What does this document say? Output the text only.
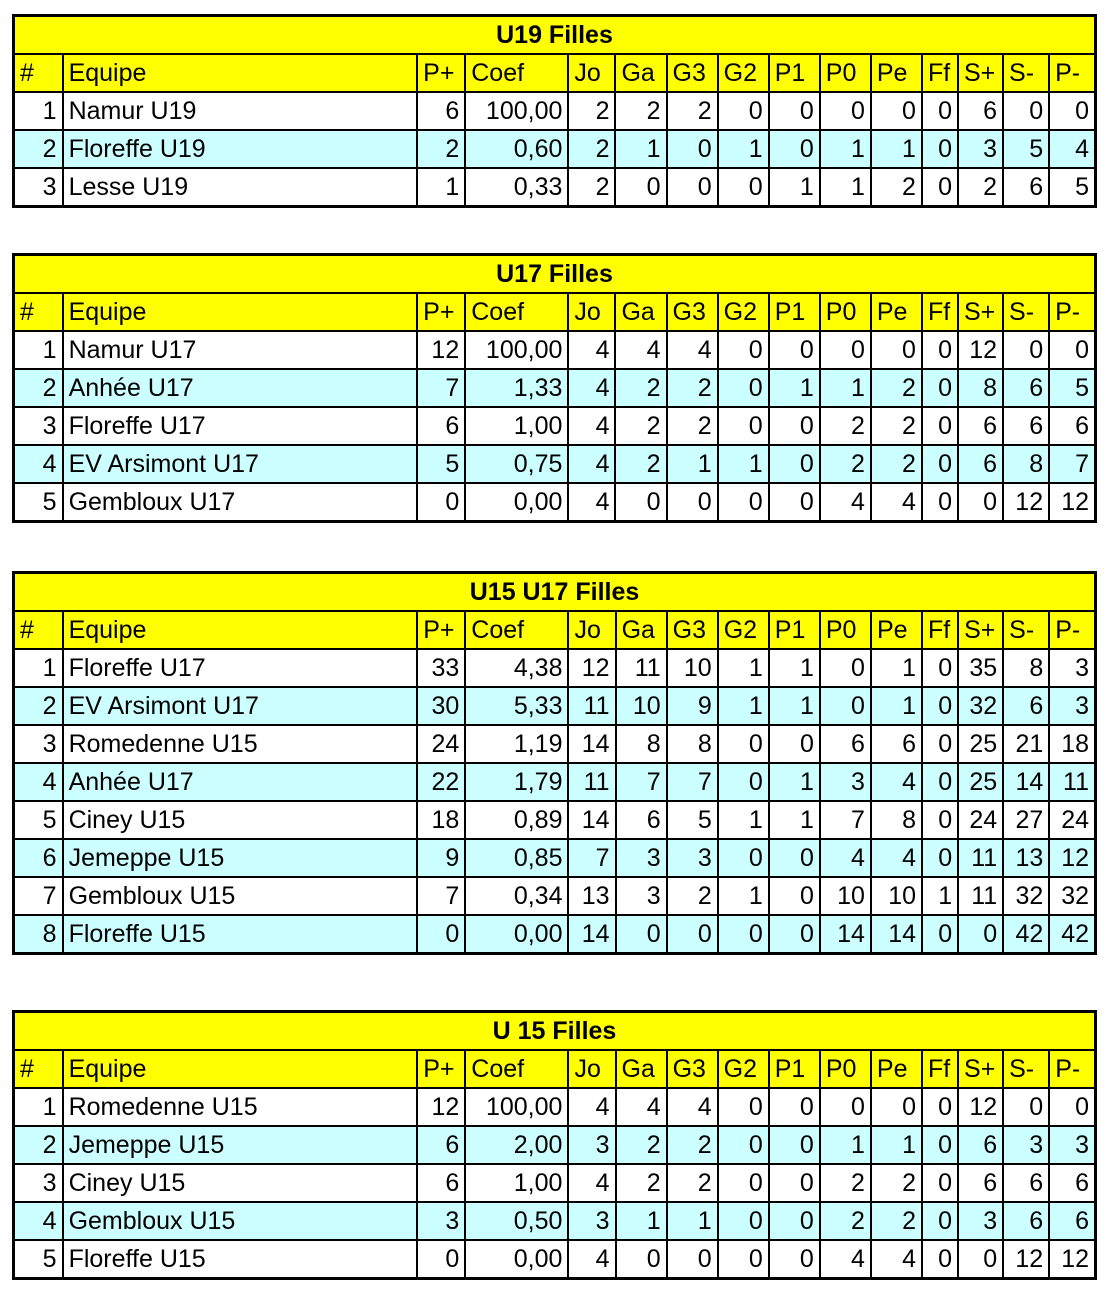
U19 Filles														
#	Equipe	P+	Coef	Jo	Ga	G3	G2	P1	P0	Pe	Ff	S+	S-	P-
1	Namur U19	6	100,00	2	2	2	0	0	0	0	0	6	0	0
2	Floreffe U19	2	0,60	2	1	0	1	0	1	1	0	3	5	4
3	Lesse U19	1	0,33	2	0	0	0	1	1	2	0	2	6	5
U17 Filles														
#	Equipe	P+	Coef	Jo	Ga	G3	G2	P1	P0	Pe	Ff	S+	S-	P-
1	Namur U17	12	100,00	4	4	4	0	0	0	0	0	12	0	0
2	Anhée U17	7	1,33	4	2	2	0	1	1	2	0	8	6	5
3	Floreffe U17	6	1,00	4	2	2	0	0	2	2	0	6	6	6
4	EV Arsimont U17	5	0,75	4	2	1	1	0	2	2	0	6	8	7
5	Gembloux U17	0	0,00	4	0	0	0	0	4	4	0	0	12	12
U15 U17 Filles														
#	Equipe	P+	Coef	Jo	Ga	G3	G2	P1	P0	Pe	Ff	S+	S-	P-
1	Floreffe U17	33	4,38	12	11	10	1	1	0	1	0	35	8	3
2	EV Arsimont U17	30	5,33	11	10	9	1	1	0	1	0	32	6	3
3	Romedenne U15	24	1,19	14	8	8	0	0	6	6	0	25	21	18
4	Anhée U17	22	1,79	11	7	7	0	1	3	4	0	25	14	11
5	Ciney U15	18	0,89	14	6	5	1	1	7	8	0	24	27	24
6	Jemeppe U15	9	0,85	7	3	3	0	0	4	4	0	11	13	12
7	Gembloux U15	7	0,34	13	3	2	1	0	10	10	1	11	32	32
8	Floreffe U15	0	0,00	14	0	0	0	0	14	14	0	0	42	42
U 15 Filles														
#	Equipe	P+	Coef	Jo	Ga	G3	G2	P1	P0	Pe	Ff	S+	S-	P-
1	Romedenne U15	12	100,00	4	4	4	0	0	0	0	0	12	0	0
2	Jemeppe U15	6	2,00	3	2	2	0	0	1	1	0	6	3	3
3	Ciney U15	6	1,00	4	2	2	0	0	2	2	0	6	6	6
4	Gembloux U15	3	0,50	3	1	1	0	0	2	2	0	3	6	6
5	Floreffe U15	0	0,00	4	0	0	0	0	4	4	0	0	12	12
